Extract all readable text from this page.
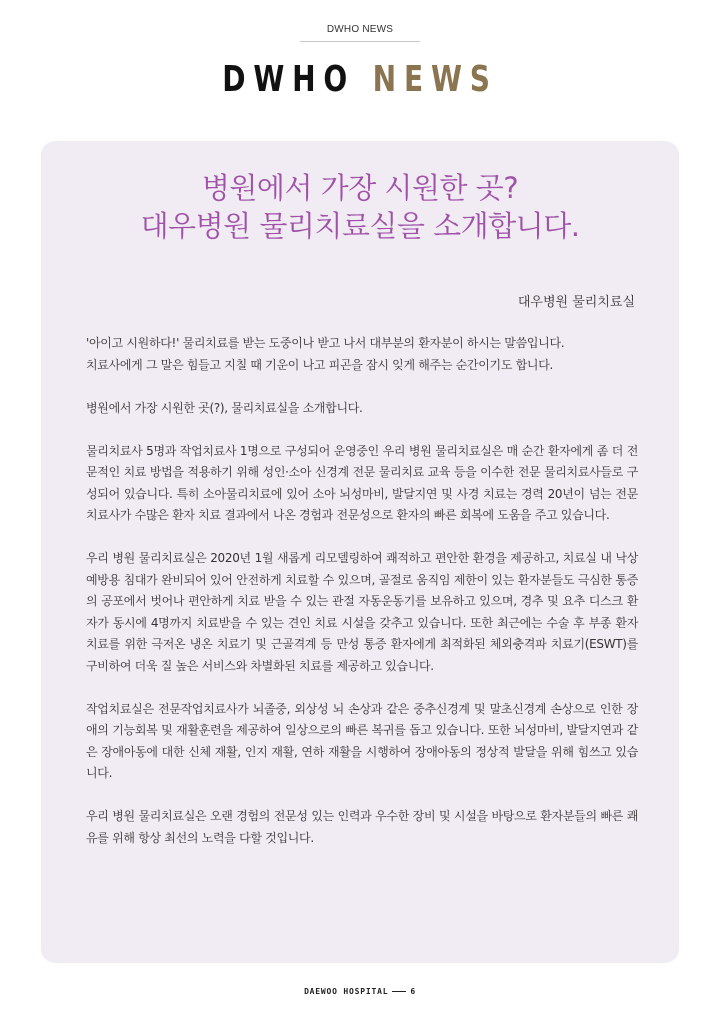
DWHO NEWS
DWHO NEWS
병원에서 가장 시원한 곳?
대우병원 물리치료실을 소개합니다.
대우병원 물리치료실

'아이고 시원하다!' 물리치료를 받는 도중이나 받고 나서 대부분의 환자분이 하시는 말씀입니다.

치료사에게 그 말은 힘들고 지칠 때 기운이 나고 피곤을 잠시 잊게 해주는 순간이기도 합니다.

병원에서 가장 시원한 곳(?), 물리치료실을 소개합니다.

물리치료사 5명과 작업치료사 1명으로 구성되어 운영중인 우리 병원 물리치료실은 매 순간 환자에게 좀 더 전문적인 치료 방법을 적용하기 위해 성인·소아 신경계 전문 물리치료 교육 등을 이수한 전문 물리치료사들로 구성되어 있습니다. 특히 소아물리치료에 있어 소아 뇌성마비, 발달지연 및 사경 치료는 경력 20년이 넘는 전문치료사가 수많은 환자 치료 결과에서 나온 경험과 전문성으로 환자의 빠른 회복에 도움을 주고 있습니다.

우리 병원 물리치료실은 2020년 1월 새롭게 리모델링하여 쾌적하고 편안한 환경을 제공하고, 치료실 내 낙상 예방용 침대가 완비되어 있어 안전하게 치료할 수 있으며, 골절로 움직임 제한이 있는 환자분들도 극심한 통증의 공포에서 벗어나 편안하게 치료 받을 수 있는 관절 자동운동기를 보유하고 있으며, 경추 및 요추 디스크 환자가 동시에 4명까지 치료받을 수 있는 견인 치료 시설을 갖추고 있습니다. 또한 최근에는 수술 후 부종 환자 치료를 위한 극저온 냉온 치료기 및 근골격계 등 만성 통증 환자에게 최적화된 체외충격파 치료기(ESWT)를 구비하여 더욱 질 높은 서비스와 차별화된 치료를 제공하고 있습니다.

작업치료실은 전문작업치료사가 뇌졸중, 외상성 뇌 손상과 같은 중추신경계 및 말초신경계 손상으로 인한 장애의 기능회복 및 재활훈련을 제공하여 일상으로의 빠른 복귀를 돕고 있습니다. 또한 뇌성마비, 발달지연과 같은 장애아동에 대한 신체 재활, 인지 재활, 연하 재활을 시행하여 장애아동의 정상적 발달을 위해 힘쓰고 있습니다.

우리 병원 물리치료실은 오랜 경험의 전문성 있는 인력과 우수한 장비 및 시설을 바탕으로 환자분들의 빠른 쾌유를 위해 항상 최선의 노력을 다할 것입니다.

DAEWOO HOSPITAL	6
